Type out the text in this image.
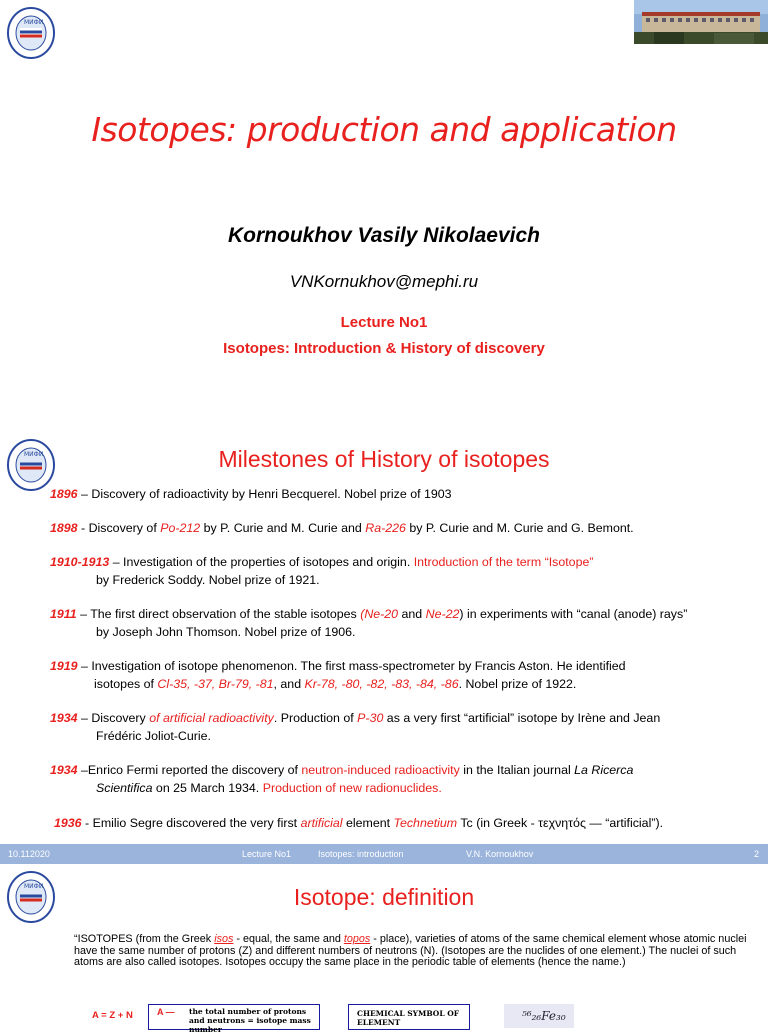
МИФИ
Isotopes: production and application
Kornoukhov Vasily Nikolaevich
VNKornukhov@mephi.ru
Lecture No1
Isotopes: Introduction & History of discovery
МИФИ	Milestones of History of isotopes
1896 – Discovery of radioactivity by Henri Becquerel. Nobel prize of 1903
1898 - Discovery of Po-212 by P. Curie and M. Curie and Ra-226 by P. Curie and M. Curie and G. Bemont.
1910-1913 – Investigation of the properties of isotopes and origin. Introduction of the term “Isotope”
by Frederick Soddy. Nobel prize of 1921.
1911 – The first direct observation of the stable isotopes (Ne-20 and Ne-22) in experiments with “canal (anode) rays”
by Joseph John Thomson. Nobel prize of 1906.
1919 – Investigation of isotope phenomenon. The first mass-spectrometer by Francis Aston. He identified
isotopes of Cl-35, -37, Br-79, -81, and Kr-78, -80, -82, -83, -84, -86. Nobel prize of 1922.
1934 – Discovery of artificial radioactivity. Production of P-30 as a very first “artificial” isotope by Irène and Jean
Frédéric Joliot-Curie.
1934 –Enrico Fermi reported the discovery of neutron-induced radioactivity in the Italian journal La Ricerca
Scientifica on 25 March 1934. Production of new radionuclides.
1936 - Emilio Segre discovered the very first artificial element Technetium Tc (in Greek - τεχνητός — “artificial”).
10.112020	Lecture No1	Isotopes: introduction	V.N. Kornoukhov	2
МИФИ	Isotope: definition
“ISOTOPES (from the Greek isos - equal, the same and topos - place), varieties of atoms of the same chemical element whose atomic nuclei have the same number of protons (Z) and different numbers of neutrons (N). (Isotopes are the nuclides of one element.) The nuclei of such atoms are also called isotopes. Isotopes occupy the same place in the periodic table of elements (hence the name.)
A = Z + N	A — the total number of protons and neutrons = isotope mass number
CHEMICAL SYMBOL OF ELEMENT	⁵⁶₂₆Fe₃₀
